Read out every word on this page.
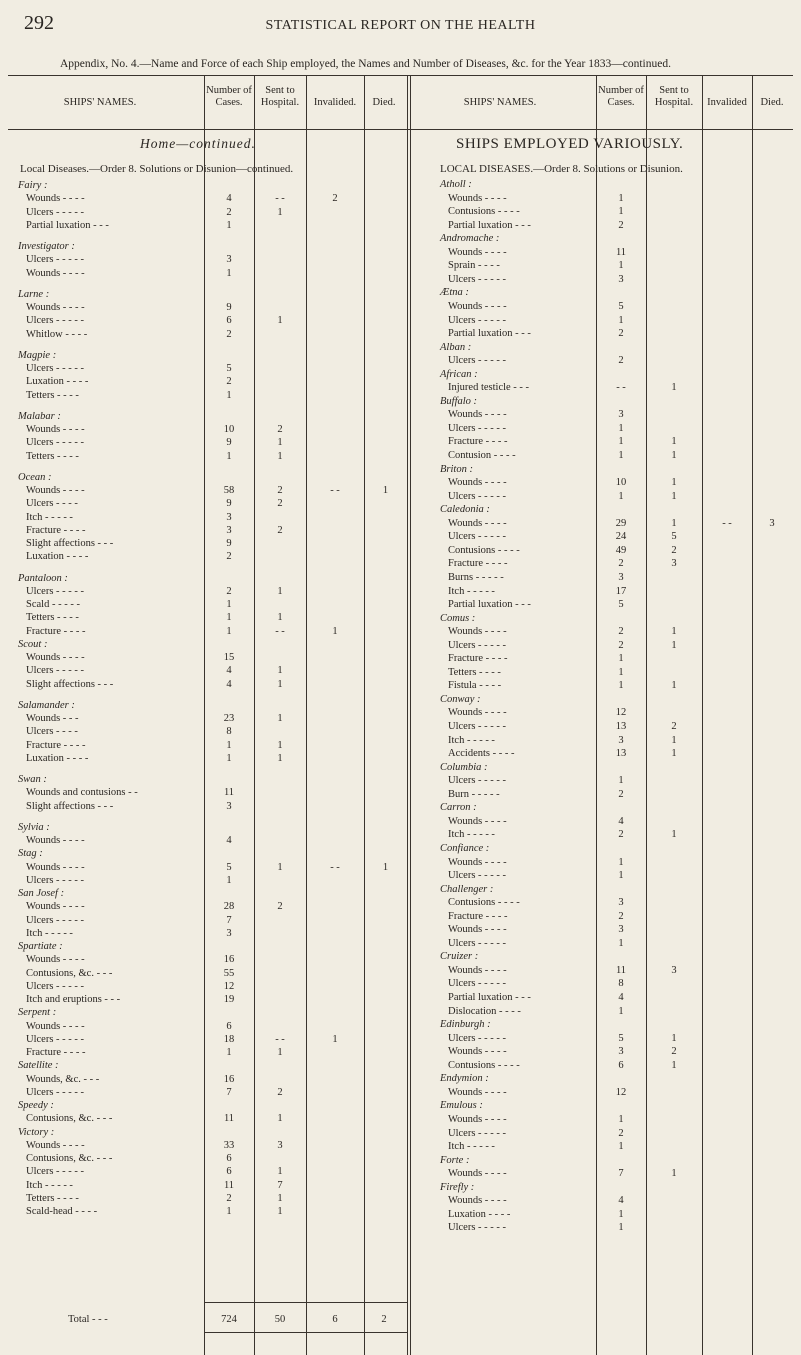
292	STATISTICAL REPORT ON THE HEALTH
Appendix, No. 4.—Name and Force of each Ship employed, the Names and Number of Diseases, &c. for the Year 1833—continued.
SHIPS' NAMES.
Number of Cases.
Sent to Hospital.	Invalided.	Died.	SHIPS' NAMES.
Number of Cases.
Sent to Hospital.	Invalided	Died.
Home—continued.
Local Diseases.—Order 8. Solutions or Disunion—continued.
SHIPS EMPLOYED VARIOUSLY.
LOCAL DISEASES.—Order 8. Solutions or Disunion.
Fairy :
Wounds - - - -	4	- -	2
Ulcers - - - - -	2	1
Partial luxation - - -	1
Investigator :
Ulcers - - - - -	3
Wounds - - - -	1
Larne :
Wounds - - - -	9
Ulcers - - - - -	6	1
Whitlow - - - -	2
Magpie :
Ulcers - - - - -	5
Luxation - - - -	2
Tetters - - - -	1
Malabar :
Wounds - - - -	10	2
Ulcers - - - - -	9	1
Tetters - - - -	1	1
Ocean :
Wounds - - - -	58	2	- -	1
Ulcers - - - -	9	2
Itch - - - - -	3
Fracture - - - -	3	2
Slight affections - - -	9
Luxation - - - -	2
Pantaloon :
Ulcers - - - - -	2	1
Scald - - - - -	1
Tetters - - - -	1	1
Fracture - - - -	1	- -	1
Scout :
Wounds - - - -	15
Ulcers - - - - -	4	1
Slight affections - - -	4	1
Salamander :
Wounds - - -	23	1
Ulcers - - - -	8
Fracture - - - -	1	1
Luxation - - - -	1	1
Swan :
Wounds and contusions - -	11
Slight affections - - -	3
Sylvia :
Wounds - - - -	4
Stag :
Wounds - - - -	5	1	- -	1
Ulcers - - - - -	1
San Josef :
Wounds - - - -	28	2
Ulcers - - - - -	7
Itch - - - - -	3
Spartiate :
Wounds - - - -	16
Contusions, &c. - - -	55
Ulcers - - - - -	12
Itch and eruptions - - -	19
Serpent :
Wounds - - - -	6
Ulcers - - - - -	18	- -	1
Fracture - - - -	1	1
Satellite :
Wounds, &c. - - -	16
Ulcers - - - - -	7	2
Speedy :
Contusions, &c. - - -	11	1
Victory :
Wounds - - - -	33	3
Contusions, &c. - - -	6
Ulcers - - - - -	6	1
Itch - - - - -	11	7
Tetters - - - -	2	1
Scald-head - - - -	1	1
Atholl :
Wounds - - - -	1
Contusions - - - -	1
Partial luxation - - -	2
Andromache :
Wounds - - - -	11
Sprain - - - -	1
Ulcers - - - - -	3
Ætna :
Wounds - - - -	5
Ulcers - - - - -	1
Partial luxation - - -	2
Alban :
Ulcers - - - - -	2
African :
Injured testicle - - -	- -	1
Buffalo :
Wounds - - - -	3
Ulcers - - - - -	1
Fracture - - - -	1	1
Contusion - - - -	1	1
Briton :
Wounds - - - -	10	1
Ulcers - - - - -	1	1
Caledonia :
Wounds - - - -	29	1	- -	3
Ulcers - - - - -	24	5
Contusions - - - -	49	2
Fracture - - - -	2	3
Burns - - - - -	3
Itch - - - - -	17
Partial luxation - - -	5
Comus :
Wounds - - - -	2	1
Ulcers - - - - -	2	1
Fracture - - - -	1
Tetters - - - -	1
Fistula - - - -	1	1
Conway :
Wounds - - - -	12
Ulcers - - - - -	13	2
Itch - - - - -	3	1
Accidents - - - -	13	1
Columbia :
Ulcers - - - - -	1
Burn - - - - -	2
Carron :
Wounds - - - -	4
Itch - - - - -	2	1
Confiance :
Wounds - - - -	1
Ulcers - - - - -	1
Challenger :
Contusions - - - -	3
Fracture - - - -	2
Wounds - - - -	3
Ulcers - - - - -	1
Cruizer :
Wounds - - - -	11	3
Ulcers - - - - -	8
Partial luxation - - -	4
Dislocation - - - -	1
Edinburgh :
Ulcers - - - - -	5	1
Wounds - - - -	3	2
Contusions - - - -	6	1
Endymion :
Wounds - - - -	12
Emulous :
Wounds - - - -	1
Ulcers - - - - -	2
Itch - - - - -	1
Forte :
Wounds - - - -	7	1
Firefly :
Wounds - - - -	4
Luxation - - - -	1
Ulcers - - - - -	1
Total - - -	724	50	6	2
